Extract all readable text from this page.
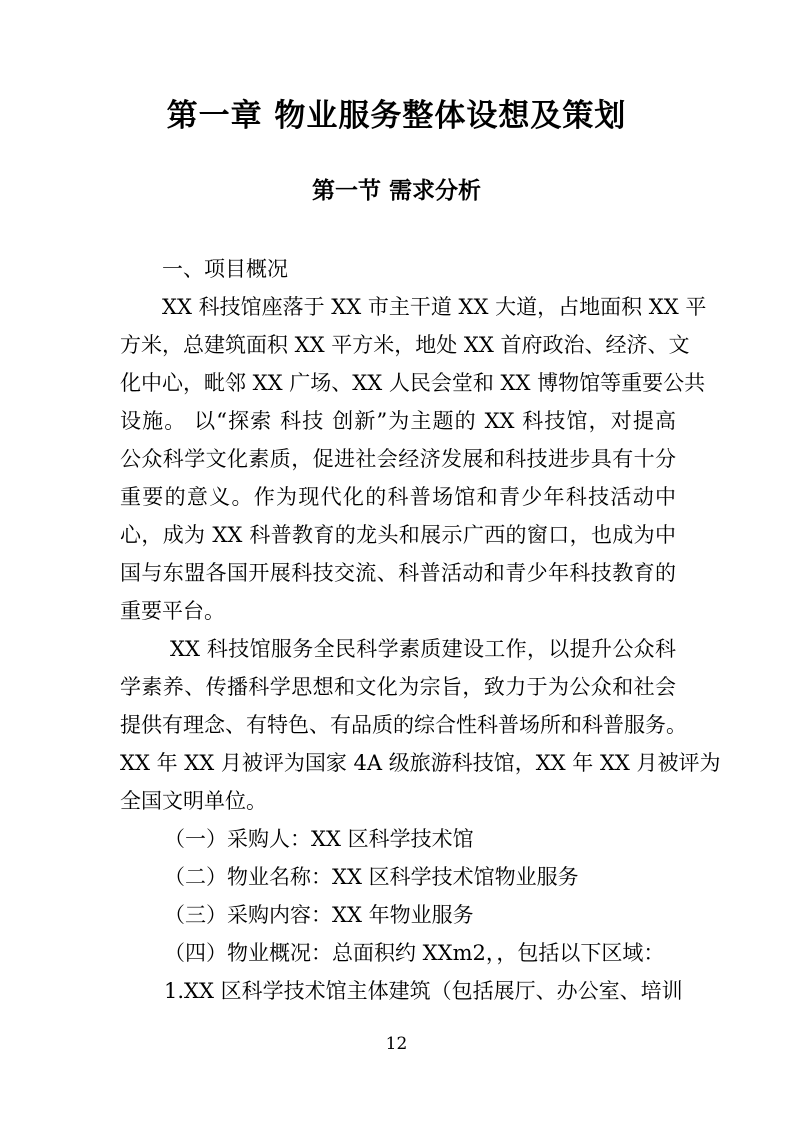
第一章 物业服务整体设想及策划
第一节 需求分析
一、项目概况
XX 科技馆座落于 XX 市主干道 XX 大道，占地面积 XX 平
方米，总建筑面积 XX 平方米，地处 XX 首府政治、经济、文
化中心，毗邻 XX 广场、XX 人民会堂和 XX 博物馆等重要公共
设施。 以“探索 科技 创新”为主题的 XX 科技馆，对提高
公众科学文化素质，促进社会经济发展和科技进步具有十分
重要的意义。作为现代化的科普场馆和青少年科技活动中
心，成为 XX 科普教育的龙头和展示广西的窗口，也成为中
国与东盟各国开展科技交流、科普活动和青少年科技教育的
重要平台。
XX 科技馆服务全民科学素质建设工作，以提升公众科
学素养、传播科学思想和文化为宗旨，致力于为公众和社会
提供有理念、有特色、有品质的综合性科普场所和科普服务。
XX 年 XX 月被评为国家 4A 级旅游科技馆，XX 年 XX 月被评为
全国文明单位。
（一）采购人：XX 区科学技术馆
（二）物业名称：XX 区科学技术馆物业服务
（三）采购内容：XX 年物业服务
（四）物业概况：总面积约 XXm2，，包括以下区域：
1.XX 区科学技术馆主体建筑（包括展厅、办公室、培训
12
